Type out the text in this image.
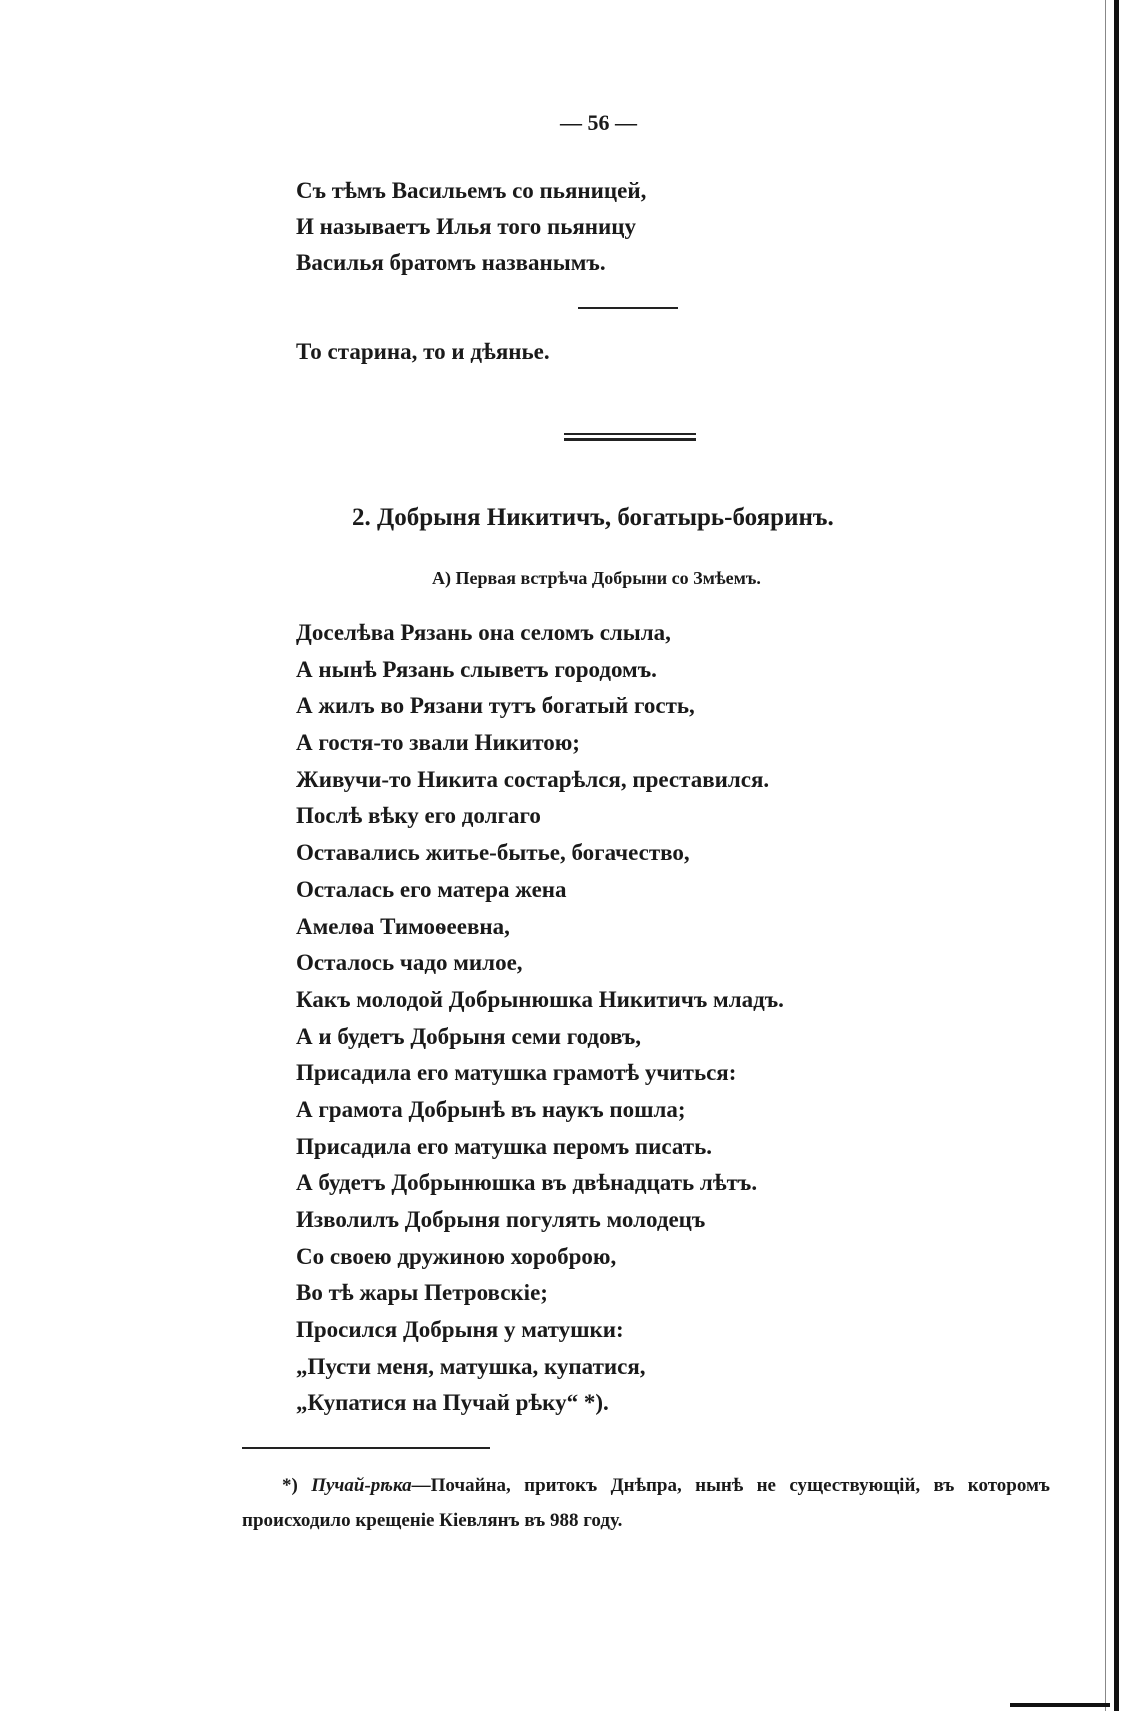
— 56 —
Съ тѣмъ Васильемъ со пьяницей,
И называетъ Илья того пьяницу
Василья братомъ названымъ.
То старина, то и дѣянье.
2. Добрыня Никитичъ, богатырь-бояринъ.
А) Первая встрѣча Добрыни со Змѣемъ.
Доселѣва Рязань она селомъ слыла,
А нынѣ Рязань слыветъ городомъ.
А жилъ во Рязани тутъ богатый гость,
А гостя-то звали Никитою;
Живучи-то Никита состарѣлся, преставился.
Послѣ вѣку его долгаго
Оставались житье-бытье, богачество,
Осталась его матера жена
Амелѳа Тимоѳеевна,
Осталось чадо милое,
Какъ молодой Добрынюшка Никитичъ младъ.
А и будетъ Добрыня семи годовъ,
Присадила его матушка грамотѣ учиться:
А грамота Добрынѣ въ наукъ пошла;
Присадила его матушка перомъ писать.
А будетъ Добрынюшка въ двѣнадцать лѣтъ.
Изволилъ Добрыня погулять молодецъ
Со своею дружиною хороброю,
Во тѣ жары Петровскіе;
Просился Добрыня у матушки:
„Пусти меня, матушка, купатися,
„Купатися на Пучай рѣку“ *).
*) Пучай-рѣка—Почайна, притокъ Днѣпра, нынѣ не существующій, въ которомъ происходило крещеніе Кіевлянъ въ 988 году.
